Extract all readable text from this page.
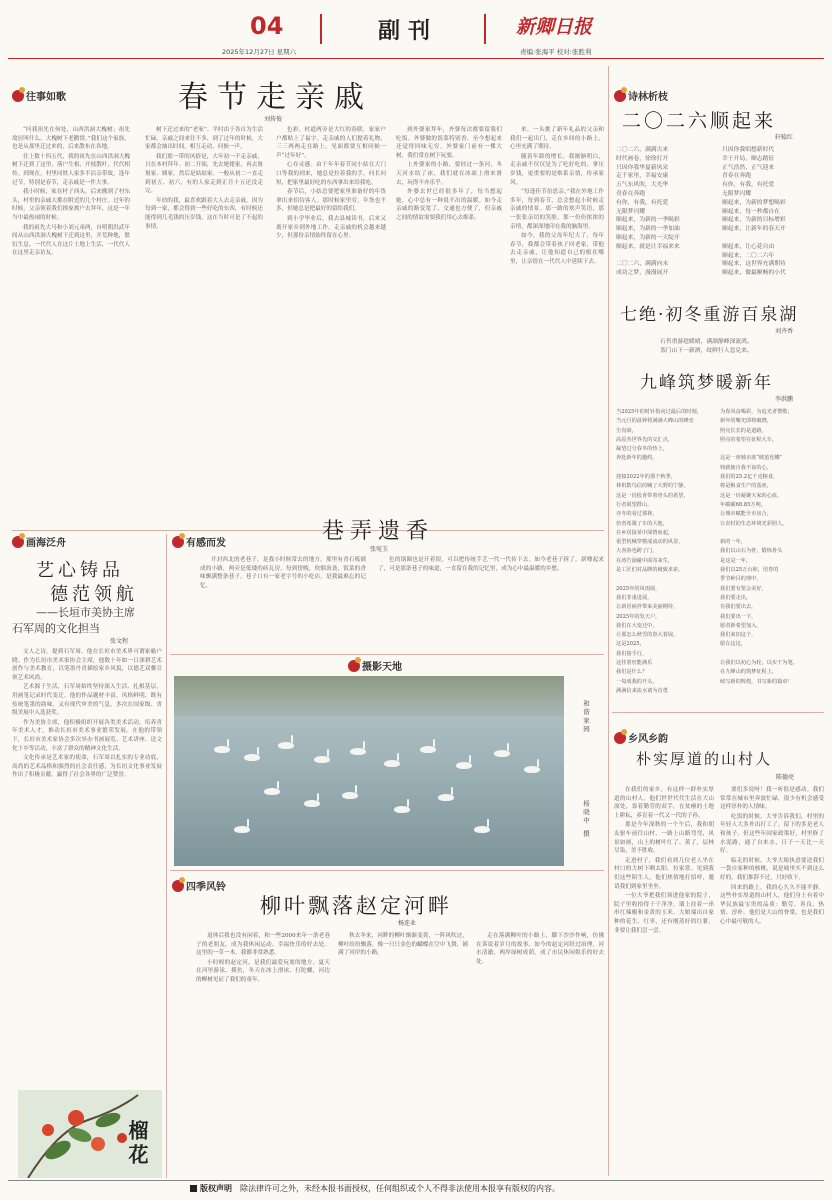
04	副刊	新卿日报
2025年12月27日 星期六	责编:张海平 校对:张胜利
往事如歌	春节走亲戚
刘传俊

“问我祖先在何处，山西洪洞大槐树；祖先故居叫什么，大槐树下老鹳窝。”我们这个家族，也是从那里迁过来的，后来散布在各地。

往上数十四五代，我的祖先在山西洪洞大槐树下迁到了这里，落户生根，开枝散叶，代代相传。到现在，村里同姓人家多半沾亲带故，逢年过节，特别是春节，走亲戚是一件大事。

我小时候，家在村子西头，后来搬到了村东头，村里的亲戚大都在附近的几个村庄。过年的时候，父亲领着我们挨家挨户去拜年，这是一年当中最热闹的时候。

我的祖先大马和小刘元弟两，自明朝洪武年间从山西洪洞大槐树下迁到这里，开荒种地，繁衍生息。一代代人在这片土地上生活，一代代人在这里走亲访友。

树下迁过来的“老家”。平时由于各自为生活忙碌，亲戚之间来往不多，到了过年的时候，大家都会抽出时间，相互走动，问候一声。

我们那一带的风俗是，大年初一不走亲戚，只在本村拜年。初二开始，先去姥姥家，再去舅舅家、姨家，然后是姑姑家。一般从初二一直走到初五、初六，有的人家走到正月十五还没走完。

年幼的我，最喜欢跟着大人去走亲戚，因为每到一家，都会得到一些好吃的东西，有时候还能得到几毛钱的压岁钱，这在当时可是了不起的事情。

色彩。村道两旁是大红的春联，家家户户都贴上了福字。走亲戚的人们提着礼物，三三两两走在路上，见面都要互相问候一声“过年好”。

心存灵感。由于年年春节同小姑在大门口等我的到来，她总是拉着我的手，问长问短，把家里最好吃的东西拿出来给我吃。

春节后，小姑总要把家里准备好的年货拿出来招待客人。那时候家里穷，年货也不多，但她总是把最好的留给我们。

到小学毕业后，我去县城读书，后来又离开家乡到外地工作。走亲戚的机会越来越少，但那份亲情始终留在心里。

到外婆家拜年，外婆每次都要留我们吃饭。外婆做的饭菜特别香，至今想起来还觉得回味无穷。外婆家门前有一棵大树，我们常在树下玩耍。

上外婆家的小路，要经过一条河，冬天河水结了冰，我们就在冰面上滑来滑去，玩得不亦乐乎。

外婆去世已经很多年了，每当想起她，心中总有一种说不出的温暖。如今走亲戚的路变宽了，交通也方便了，但亲戚之间的情谊需要我们用心去维系。

来，一头挑了新年礼品的父亲和我们一起出门，走在乡间的小路上，心里充满了期待。

随着年龄的增长，我渐渐明白，走亲戚不仅仅是为了吃好吃的、拿压岁钱，更重要的是维系亲情，传承家风。

“每逢佳节倍思亲。”我在外地工作多年，每到春节，总会想起小时候走亲戚的情景。那一路的欢声笑语，那一张张亲切的笑脸，那一份份浓浓的亲情，都深深地印在我的脑海里。

如今，我的父母年纪大了，每年春节，我都会带着孩子回老家，带他去走亲戚，让他知道自己的根在哪里，让亲情在一代代人中延续下去。

诗林析枝
二〇二六顺起来
轩辕红
二〇二六，满满吉来
时代画卷，徐徐打开
只因你我华夏新风采
走千家里，幸福安康
五气东风吹，大光华
青春在奔跑
有你，有我，有托爱
无限梦闪耀
顺起来，为新的一季喝彩
顺起来，为新的一季加油
顺起来，为新的一天绽开
顺起来，就是让幸福来来

二〇二六，满满向未
成功之梦，漫漫展开
只因你我唱想新时代
幸于开局，顺志踏征
正气浩然，正气迎来
青春在奔跑
有你，有我，有托爱
无限梦闪耀
顺起来，为新的梦想喝彩
顺起来，每一秒都自在
顺起来，为新的目标增彩
顺起来，让新年的春天开

顺起来，让心花自由
顺起来，二〇二六年
顺起来，这世界充满期待
顺起来，做最顺畅的小代
七绝·初冬重游百泉湖
刘齐香
石苔重游趁暖晴，满湖静峰深流鸿。
茶门山下一新酒，纹鲜行人忽兑来。
九峰筑梦暖新年
李洪鹏
当2025年的时针指向过最后的时刻，
当元旦的晨钟将满满大峰山的峰峦
尘沟染，
高原杰世界先的交汇点，
凝望过分春冬的热土，
奔赴新年的邀约。

迎接2022年的那个秋季，
林机数鸟信的喊了大野的宁静，
这是一份报喜带着骨头的希望，
行者展望群山，
亦冬的看过那林，
倍者希冀了车的大地，
在乡居接某中深情而起，
重型机械穿梭成流动的风景，
大喜眷也跨了门，
在涛告涌碰中面寄来生，
是工匠们对品牌的极致求索。

2025年的风雨展，
我们非重进展，
让新居祯祥带来美丽期待，
2025年的发天户，
我们在大变迁中，
让那怎么秋雪的春大着展，
这是2025，
我们接手行，
这挂着丝能满乐
我们是什么？
一每成我的开头，
满满信来流水诸为首勇
为春风奋喝彩，为追光者赞歌；
新年的曙光即将破晓，
照亮长长的是道路，
照亮的希望在征程大车。

这是一座城市欲“破茧化蝶”
铸就使自我不衰的心，
我们的25.2亿千克粮食，
将是粮食生产的基座，
这是一份凝聚大家的心血，
年碳碳68.85万吨。
让城市赋能全市房合，
让农村的生态环境光彩照人。

新的一年，
我们以山石为骨，锻炼骨头
是这是一年，
我们以25万台和，培育的
季节种目的理中，
我们要有要会美好，
我们要走出，
有我们要出去。
我们要出一下，
愿者新希望加入，
我们来扣这个，
愿在这这，

让我们以初心为轮，以实干为笔，
在九峰山的筑梦征程上，
续写新的辉煌，书写新的篇章！
画海泛舟
艺心铸品
德范领航
——长垣市美协主席
石军周的文化担当
张文程

文人之诗。提到石军周，他在长垣市美术界可谓家喻户晓。作为长垣市美术家协会主席，他数十年如一日深耕艺术创作与美术教育，以笔墨丹青描绘家乡风貌，以德艺双馨引领艺术风尚。

艺术源于生活，石军周始终坚持深入生活、扎根基层，用画笔记录时代变迁。他的作品题材丰富，风格鲜明，既有传统笔墨的韵味，又有现代审美的气息，多次在国家级、省级美展中入选获奖。

作为美协主席，他积极组织开展各类美术活动，培养青年美术人才，推动长垣市美术事业繁荣发展。在他的带领下，长垣市美术家协会多次举办书画展览、艺术讲座、送文化下乡等活动，丰富了群众的精神文化生活。

文化传承是艺术家的使命，石军周以扎实的专业功底、高尚的艺术品格和强烈的社会责任感，为长垣文化事业发展作出了积极贡献，赢得了社会各界的广泛赞誉。

榴花
有感而发	巷弄遗香
张宛玉

开封西北的老巷子，是我小时候常去的地方。那里有青石板铺成的小路，两旁是低矮的砖瓦房，每到傍晚，炊烟袅袅，饭菜的香味飘满整条巷子。巷子口有一家老字号的小吃店，是我最难忘的记忆。

色的锅圈也是开着很，可以把传统手艺一代一代传下去。如今老巷子拆了，新楼起来了，可是那条巷子的味道，一直留在我的记忆里，成为心中最温暖的乡愁。

摄影天地
和谐家园
杨晓中 摄
四季风铃
柳叶飘落赵定河畔
杨连业

退休后我也没有闲着，和一些2000来年一条老巷子的老朋友，成为我休闲运动、幸福快乐的好去处。这里的一草一木，我都非常熟悉。

小时候的赵定河，是我们最爱玩耍的地方。夏天在河里游泳、摸鱼，冬天在冰上滑冰、打陀螺，河边的柳树见证了我们的童年。

秋去冬来，河畔的柳叶渐渐变黄，一阵风吹过，柳叶纷纷飘落，像一只只金色的蝴蝶在空中飞舞，铺满了河岸的小路。

走在落满柳叶的小路上，脚下沙沙作响，仿佛在诉说着岁月的故事。如今的赵定河经过治理，河水清澈，两岸绿树成荫，成了市民休闲娱乐的好去处。

乡风乡韵
朴实厚道的山村人
陈德亮

在我们的家乡，有这样一群朴实厚道的山村人，他们世世代代生活在大山深处，靠着勤劳的双手，在贫瘠的土地上耕耘，养育着一代又一代的子孙。

那是今年深秋的一个午后，我和朋友驱车前往山村，一路上山路弯弯，风景如画，山上的树叶红了、黄了，层林尽染，美不胜收。

走进村子，我们看到几位老人坐在村口的大树下晒太阳、拉家常。见到我们这些陌生人，他们热情地打招呼，邀请我们到家里坐坐。

一位大爷把我们领进他家的院子，院子里收拾得干干净净，墙上挂着一串串红辣椒和金黄的玉米。大娘端出自家种的花生、红枣，还有刚蒸好的红薯，非要让我们尝一尝。

要们多说呀！我一听很是感动。我们常常在城市里奔波忙碌，很少有机会感受这样淳朴的人情味。

吃饭的时候，大爷告诉我们，村里的年轻人大多外出打工了，留下的多是老人和孩子。但这些年国家政策好，村里修了水泥路，通了自来水，日子一天比一天好。

临走的时候，大爷大娘执意要送我们一袋自家种的核桃，说是城里买不到这么好的。我们推辞不过，只好收下。

回来的路上，我的心久久不能平静。这些朴实厚道的山村人，他们身上有着中华民族最宝贵的品质：勤劳、善良、热情、淳朴。他们是大山的脊梁，也是我们心中最可敬的人。

版权声明 除法律许可之外，未经本报书面授权，任何组织或个人不得非法使用本报享有版权的内容。
